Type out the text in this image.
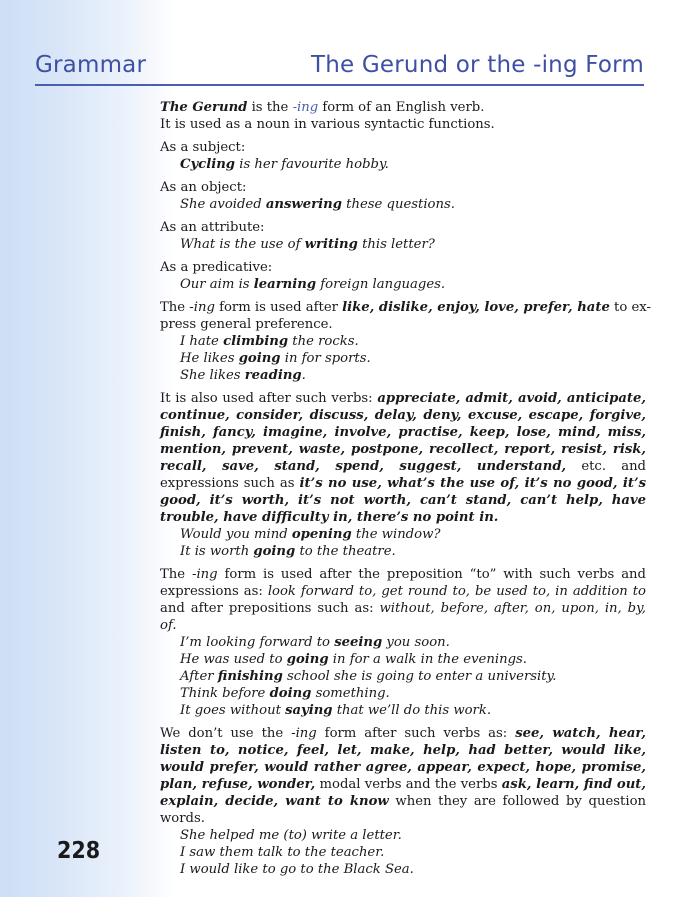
Grammar	The Gerund or the -ing Form
The Gerund is the -ing form of an English verb.
It is used as a noun in various syntactic functions.
As a subject:
Cycling is her favourite hobby.
As an object:
She avoided answering these questions.
As an attribute:
What is the use of writing this letter?
As a predicative:
Our aim is learning foreign languages.
The -ing form is used after like, dislike, enjoy, love, prefer, hate to ex-
press general preference.
I hate climbing the rocks.
He likes going in for sports.
She likes reading.
It is also used after such verbs: appreciate, admit, avoid, anticipate, continue, consider, discuss, delay, deny, excuse, escape, forgive, finish, fancy, imagine, involve, practise, keep, lose, mind, miss, mention, prevent, waste, postpone, recollect, report, resist, risk, recall, save, stand, spend, suggest, understand, etc. and expressions such as it’s no use, what’s the use of, it’s no good, it’s good, it’s worth, it’s not worth, can’t stand, can’t help, have trouble, have difficulty in, there’s no point in.
Would you mind opening the window?
It is worth going to the theatre.
The -ing form is used after the preposition “to” with such verbs and expressions as: look forward to, get round to, be used to, in addition to and after prepositions such as: without, before, after, on, upon, in, by, of.
I’m looking forward to seeing you soon.
He was used to going in for a walk in the evenings.
After finishing school she is going to enter a university.
Think before doing something.
It goes without saying that we’ll do this work.
We don’t use the -ing form after such verbs as: see, watch, hear, listen to, notice, feel, let, make, help, had better, would like, would prefer, would rather agree, appear, expect, hope, promise, plan, refuse, wonder, modal verbs and the verbs ask, learn, find out, explain, decide, want to know when they are followed by question words.
She helped me (to) write a letter.
I saw them talk to the teacher.
I would like to go to the Black Sea.
228
